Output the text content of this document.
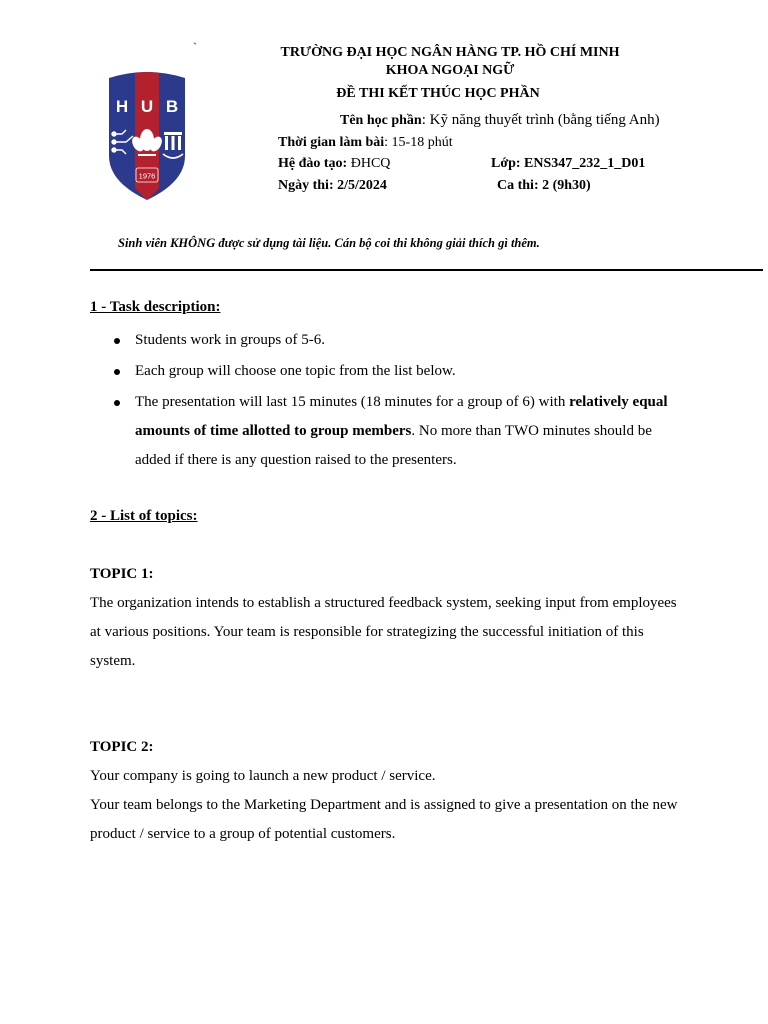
H U B
1976
`	TRƯỜNG ĐẠI HỌC NGÂN HÀNG TP. HỒ CHÍ MINH
KHOA NGOẠI NGỮ
ĐỀ THI KẾT THÚC HỌC PHẦN
Tên học phần: Kỹ năng thuyết trình (bằng tiếng Anh)
Thời gian làm bài: 15-18 phút
Hệ đào tạo: ĐHCQ	Lớp: ENS347_232_1_D01
Ngày thi: 2/5/2024	Ca thi: 2 (9h30)
Sinh viên KHÔNG được sử dụng tài liệu. Cán bộ coi thi không giải thích gì thêm.
1 - Task description:
Students work in groups of 5-6.
Each group will choose one topic from the list below.
The presentation will last 15 minutes (18 minutes for a group of 6) with relatively equal amounts of time allotted to group members. No more than TWO minutes should be added if there is any question raised to the presenters.
2 - List of topics:
TOPIC 1:
The organization intends to establish a structured feedback system, seeking input from employees at various positions. Your team is responsible for strategizing the successful initiation of this system.
TOPIC 2:
Your company is going to launch a new product / service.
Your team belongs to the Marketing Department and is assigned to give a presentation on the new product / service to a group of potential customers.
